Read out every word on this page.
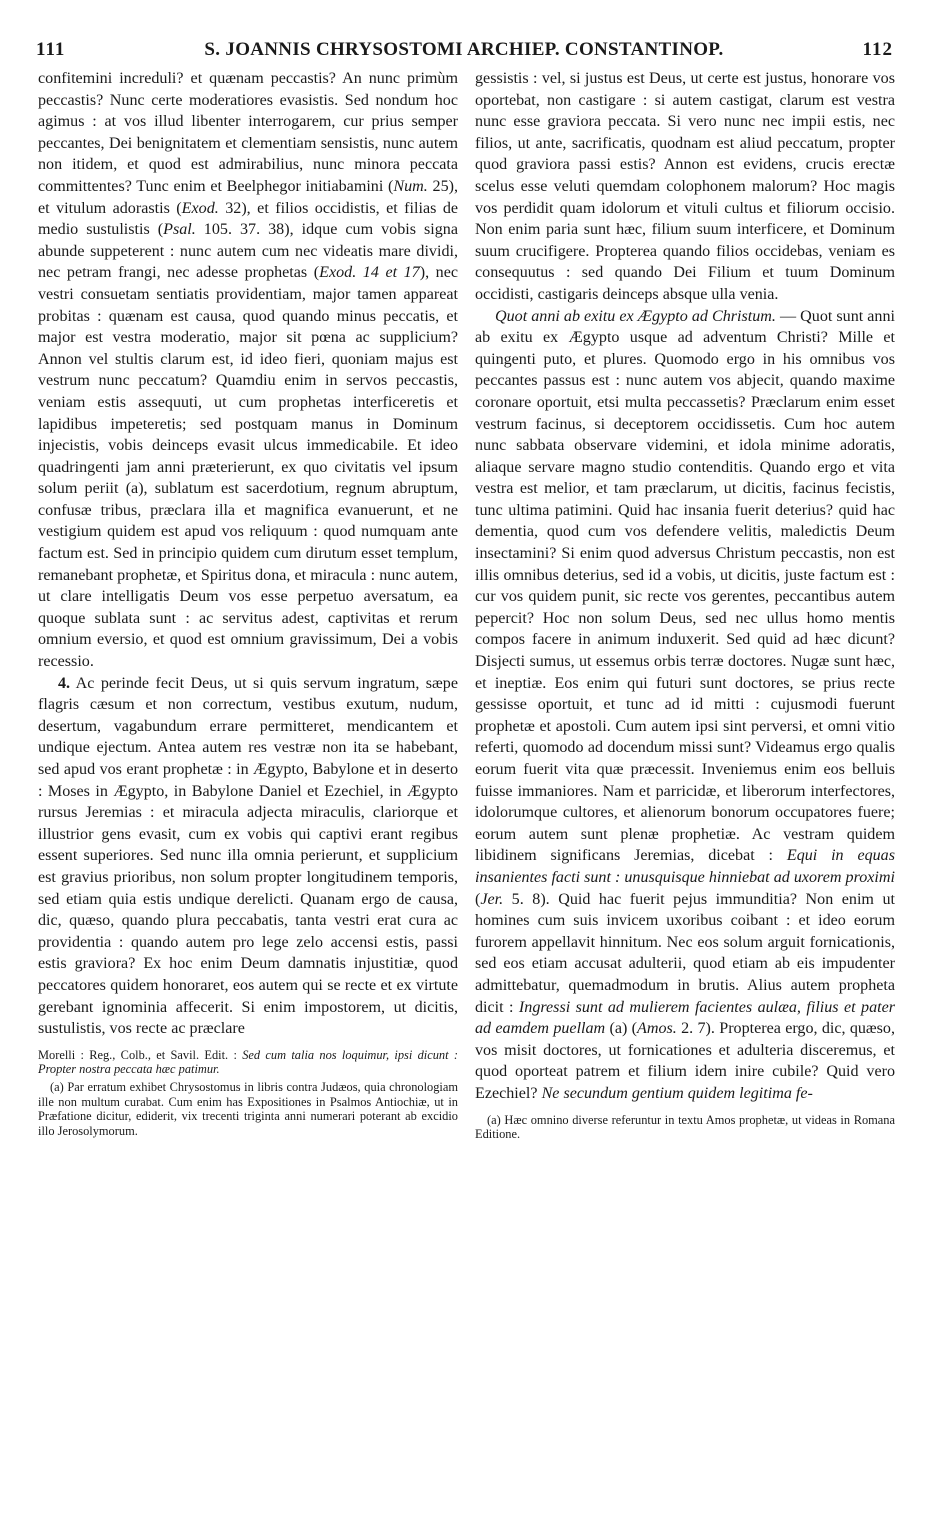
111	S. JOANNIS CHRYSOSTOMI ARCHIEP. CONSTANTINOP.	112

confitemini increduli? et quænam peccastis? An nunc primùm peccastis? Nunc certe moderatiores evasistis. Sed nondum hoc agimus : at vos illud libenter interrogarem, cur prius semper peccantes, Dei benignitatem et clementiam sensistis, nunc autem non itidem, et quod est admirabilius, nunc minora peccata committentes? Tunc enim et Beelphegor initiabamini (Num. 25), et vitulum adorastis (Exod. 32), et filios occidistis, et filias de medio sustulistis (Psal. 105. 37. 38), idque cum vobis signa abunde suppeterent : nunc autem cum nec videatis mare dividi, nec petram frangi, nec adesse prophetas (Exod. 14 et 17), nec vestri consuetam sentiatis providentiam, major tamen appareat probitas : quænam est causa, quod quando minus peccatis, et major est vestra moderatio, major sit pœna ac supplicium? Annon vel stultis clarum est, id ideo fieri, quoniam majus est vestrum nunc peccatum? Quamdiu enim in servos peccastis, veniam estis assequuti, ut cum prophetas interficeretis et lapidibus impeteretis; sed postquam manus in Dominum injecistis, vobis deinceps evasit ulcus immedicabile. Et ideo quadringenti jam anni præterierunt, ex quo civitatis vel ipsum solum periit (a), sublatum est sacerdotium, regnum abruptum, confusæ tribus, præclara illa et magnifica evanuerunt, et ne vestigium quidem est apud vos reliquum : quod numquam ante factum est. Sed in principio quidem cum dirutum esset templum, remanebant prophetæ, et Spiritus dona, et miracula : nunc autem, ut clare intelligatis Deum vos esse perpetuo aversatum, ea quoque sublata sunt : ac servitus adest, captivitas et rerum omnium eversio, et quod est omnium gravissimum, Dei a vobis recessio.

4. Ac perinde fecit Deus, ut si quis servum ingratum, sæpe flagris cæsum et non correctum, vestibus exutum, nudum, desertum, vagabundum errare permitteret, mendicantem et undique ejectum. Antea autem res vestræ non ita se habebant, sed apud vos erant prophetæ : in Ægypto, Babylone et in deserto : Moses in Ægypto, in Babylone Daniel et Ezechiel, in Ægypto rursus Jeremias : et miracula adjecta miraculis, clariorque et illustrior gens evasit, cum ex vobis qui captivi erant regibus essent superiores. Sed nunc illa omnia perierunt, et supplicium est gravius prioribus, non solum propter longitudinem temporis, sed etiam quia estis undique derelicti. Quanam ergo de causa, dic, quæso, quando plura peccabatis, tanta vestri erat cura ac providentia : quando autem pro lege zelo accensi estis, passi estis graviora? Ex hoc enim Deum damnatis injustitiæ, quod peccatores quidem honoraret, eos autem qui se recte et ex virtute gerebant ignominia affecerit. Si enim impostorem, ut dicitis, sustulistis, vos recte ac præclare

Morelli : Reg., Colb., et Savil. Edit. : Sed cum talia nos loquimur, ipsi dicunt : Propter nostra peccata hæc patimur.

(a) Par erratum exhibet Chrysostomus in libris contra Judæos, quia chronologiam ille non multum curabat. Cum enim has Expositiones in Psalmos Antiochiæ, ut in Præfatione dicitur, ediderit, vix trecenti triginta anni numerari poterant ab excidio illo Jerosolymorum.

gessistis : vel, si justus est Deus, ut certe est justus, honorare vos oportebat, non castigare : si autem castigat, clarum est vestra nunc esse graviora peccata. Si vero nunc nec impii estis, nec filios, ut ante, sacrificatis, quodnam est aliud peccatum, propter quod graviora passi estis? Annon est evidens, crucis erectæ scelus esse veluti quemdam colophonem malorum? Hoc magis vos perdidit quam idolorum et vituli cultus et filiorum occisio. Non enim paria sunt hæc, filium suum interficere, et Dominum suum crucifigere. Propterea quando filios occidebas, veniam es consequutus : sed quando Dei Filium et tuum Dominum occidisti, castigaris deinceps absque ulla venia.

Quot anni ab exitu ex Ægypto ad Christum. — Quot sunt anni ab exitu ex Ægypto usque ad adventum Christi? Mille et quingenti puto, et plures. Quomodo ergo in his omnibus vos peccantes passus est : nunc autem vos abjecit, quando maxime coronare oportuit, etsi multa peccassetis? Præclarum enim esset vestrum facinus, si deceptorem occidissetis. Cum hoc autem nunc sabbata observare videmini, et idola minime adoratis, aliaque servare magno studio contenditis. Quando ergo et vita vestra est melior, et tam præclarum, ut dicitis, facinus fecistis, tunc ultima patimini. Quid hac insania fuerit deterius? quid hac dementia, quod cum vos defendere velitis, maledictis Deum insectamini? Si enim quod adversus Christum peccastis, non est illis omnibus deterius, sed id a vobis, ut dicitis, juste factum est : cur vos quidem punit, sic recte vos gerentes, peccantibus autem pepercit? Hoc non solum Deus, sed nec ullus homo mentis compos facere in animum induxerit. Sed quid ad hæc dicunt? Disjecti sumus, ut essemus orbis terræ doctores. Nugæ sunt hæc, et ineptiæ. Eos enim qui futuri sunt doctores, se prius recte gessisse oportuit, et tunc ad id mitti : cujusmodi fuerunt prophetæ et apostoli. Cum autem ipsi sint perversi, et omni vitio referti, quomodo ad docendum missi sunt? Videamus ergo qualis eorum fuerit vita quæ præcessit. Inveniemus enim eos belluis fuisse immaniores. Nam et parricidæ, et liberorum interfectores, idolorumque cultores, et alienorum bonorum occupatores fuere; eorum autem sunt plenæ prophetiæ. Ac vestram quidem libidinem significans Jeremias, dicebat : Equi in equas insanientes facti sunt : unusquisque hinniebat ad uxorem proximi (Jer. 5. 8). Quid hac fuerit pejus immunditia? Non enim ut homines cum suis invicem uxoribus coibant : et ideo eorum furorem appellavit hinnitum. Nec eos solum arguit fornicationis, sed eos etiam accusat adulterii, quod etiam ab eis impudenter admittebatur, quemadmodum in brutis. Alius autem propheta dicit : Ingressi sunt ad mulierem facientes aulæa, filius et pater ad eamdem puellam (a) (Amos. 2. 7). Propterea ergo, dic, quæso, vos misit doctores, ut fornicationes et adulteria disceremus, et quod oporteat patrem et filium idem inire cubile? Quid vero Ezechiel? Ne secundum gentium quidem legitima fe-

(a) Hæc omnino diverse referuntur in textu Amos prophetæ, ut videas in Romana Editione.
